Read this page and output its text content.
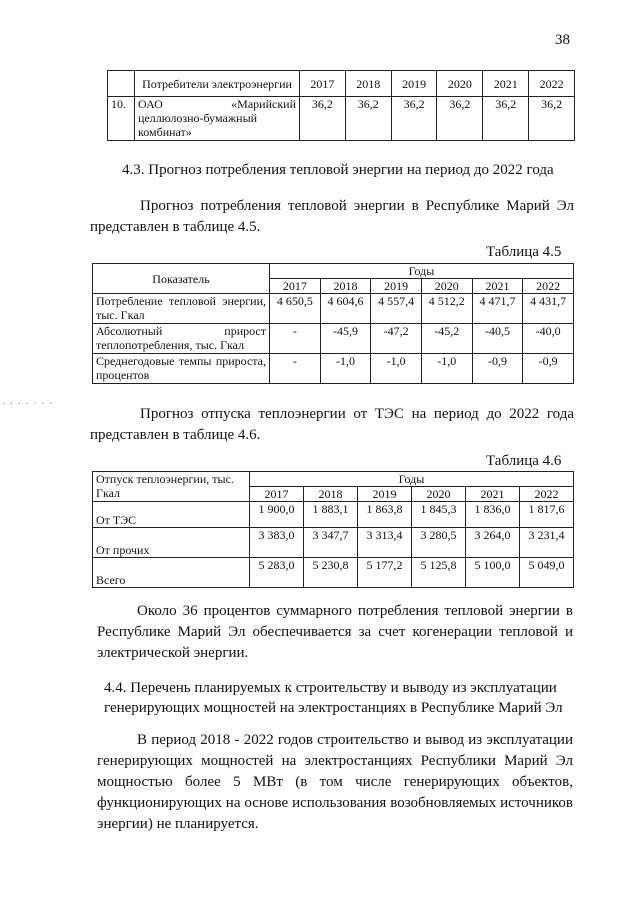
38
	Потребители электроэнергии	2017	2018	2019	2020	2021	2022
10.	ОАО «Марийский целлюлозно-бумажный комбинат»	36,2	36,2	36,2	36,2	36,2	36,2
4.3. Прогноз потребления тепловой энергии на период до 2022 года
Прогноз потребления тепловой энергии в Республике Марий Эл представлен в таблице 4.5.
Таблица 4.5
Показатель	Годы					
	2017	2018	2019	2020	2021	2022
Потребление тепловой энергии, тыс. Гкал	4 650,5	4 604,6	4 557,4	4 512,2	4 471,7	4 431,7
Абсолютный прирост теплопотребления, тыс. Гкал	-	-45,9	-47,2	-45,2	-40,5	-40,0
Среднегодовые темпы прироста, процентов	-	-1,0	-1,0	-1,0	-0,9	-0,9
Прогноз отпуска теплоэнергии от ТЭС на период до 2022 года представлен в таблице 4.6.
Таблица 4.6
Отпуск теплоэнергии, тыс. Гкал	Годы					
	2017	2018	2019	2020	2021	2022
От ТЭС	1 900,0	1 883,1	1 863,8	1 845,3	1 836,0	1 817,6
От прочих	3 383,0	3 347,7	3 313,4	3 280,5	3 264,0	3 231,4
Всего	5 283,0	5 230,8	5 177,2	5 125,8	5 100,0	5 049,0
Около 36 процентов суммарного потребления тепловой энергии в Республике Марий Эл обеспечивается за счет когенерации тепловой и электрической энергии.
4.4. Перечень планируемых к строительству и выводу из эксплуатации
генерирующих мощностей на электростанциях в Республике Марий Эл
В период 2018 - 2022 годов строительство и вывод из эксплуатации генерирующих мощностей на электростанциях Республики Марий Эл мощностью более 5 МВт (в том числе генерирующих объектов, функционирующих на основе использования возобновляемых источников энергии) не планируется.
· · · · · · ·
